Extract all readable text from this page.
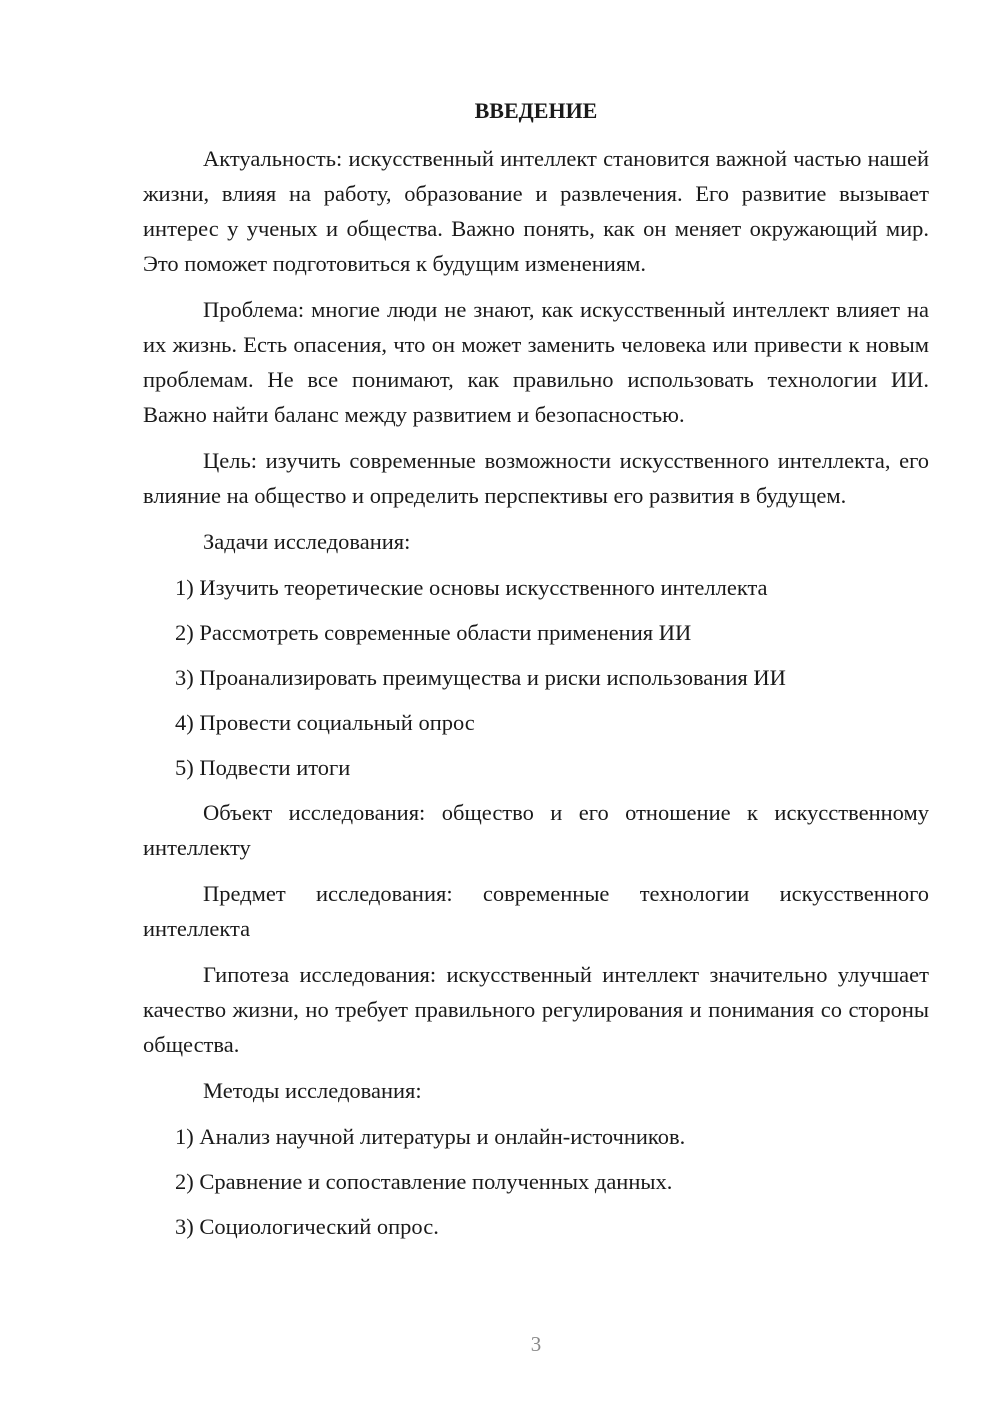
ВВЕДЕНИЕ

Актуальность: искусственный интеллект становится важной частью нашей жизни, влияя на работу, образование и развлечения. Его развитие вызывает интерес у ученых и общества. Важно понять, как он меняет окружающий мир. Это поможет подготовиться к будущим изменениям.

Проблема: многие люди не знают, как искусственный интеллект влияет на их жизнь. Есть опасения, что он может заменить человека или привести к новым проблемам. Не все понимают, как правильно использовать технологии ИИ. Важно найти баланс между развитием и безопасностью.

Цель: изучить современные возможности искусственного интеллекта, его влияние на общество и определить перспективы его развития в будущем.

Задачи исследования:

1) Изучить теоретические основы искусственного интеллекта
2) Рассмотреть современные области применения ИИ
3) Проанализировать преимущества и риски использования ИИ
4) Провести социальный опрос
5) Подвести итоги

Объект исследования: общество и его отношение к искусственному интеллекту

Предмет исследования: современные технологии искусственного интеллекта

Гипотеза исследования: искусственный интеллект значительно улучшает качество жизни, но требует правильного регулирования и понимания со стороны общества.

Методы исследования:

1) Анализ научной литературы и онлайн-источников.
2) Сравнение и сопоставление полученных данных.
3) Социологический опрос.
3
